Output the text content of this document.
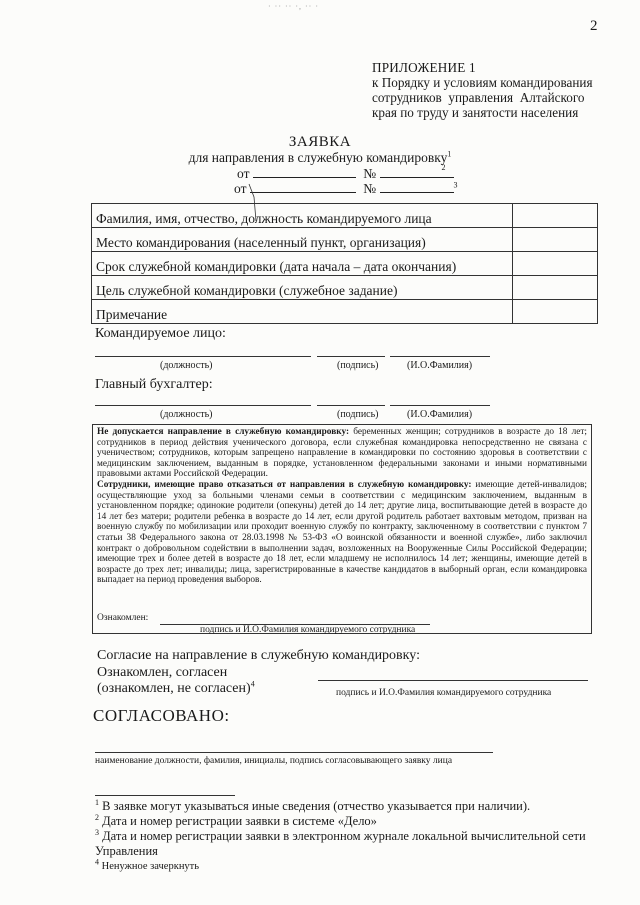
· ·· ·· ·, ·· ·
2
ПРИЛОЖЕНИЕ 1
к Порядку и условиям командирования
сотрудников  управления  Алтайского
края по труду и занятости населения
ЗАЯВКА
для направления в служебную командировку$^1$
от	№	$^2$
от	№	$^3$
Фамилия, имя, отчество, должность командируемого лица	
Место командирования (населенный пункт, организация)	
Срок служебной командировки (дата начала – дата окончания)	
Цель служебной командировки (служебное задание)	
Примечание	
Командируемое лицо:
(должность)	(подпись)	(И.О.Фамилия)
Главный бухгалтер:
(должность)	(подпись)	(И.О.Фамилия)
Не допускается направление в служебную командировку: беременных женщин; сотрудников в возрасте до 18 лет; сотрудников в период действия ученического договора, если служебная командировка непосредственно не связана с ученичеством; сотрудников, которым запрещено направление в командировки по состоянию здоровья в соответствии с медицинским заключением, выданным в порядке, установленном федеральными законами и иными нормативными правовыми актами Российской Федерации.
Сотрудники, имеющие право отказаться от направления в служебную командировку: имеющие детей-инвалидов; осуществляющие уход за больными членами семьи в соответствии с медицинским заключением, выданным в установленном порядке; одинокие родители (опекуны) детей до 14 лет; другие лица, воспитывающие детей в возрасте до 14 лет без матери; родители ребенка в возрасте до 14 лет, если другой родитель работает вахтовым методом, призван на военную службу по мобилизации или проходит военную службу по контракту, заключенному в соответствии с пунктом 7 статьи 38 Федерального закона от 28.03.1998 № 53-ФЗ «О воинской обязанности и военной службе», либо заключил контракт о добровольном содействии в выполнении задач, возложенных на Вооруженные Силы Российской Федерации; имеющие трех и более детей в возрасте до 18 лет, если младшему не исполнилось 14 лет; женщины, имеющие детей в возрасте до трех лет; инвалиды; лица, зарегистрированные в качестве кандидатов в выборный орган, если командировка выпадает на период проведения выборов.
Ознакомлен:
подпись и И.О.Фамилия командируемого сотрудника
Согласие на направление в служебную командировку:
Ознакомлен, согласен
(ознакомлен, не согласен)$^4$
подпись и И.О.Фамилия командируемого сотрудника
СОГЛАСОВАНО:
наименование должности, фамилия, инициалы, подпись согласовывающего заявку лица
$^1$ В заявке могут указываться иные сведения (отчество указывается при наличии).
$^2$ Дата и номер регистрации заявки в системе «Дело»
$^3$ Дата и номер регистрации заявки в электронном журнале локальной вычислительной сети Управления
$^4$ Ненужное зачеркнуть
